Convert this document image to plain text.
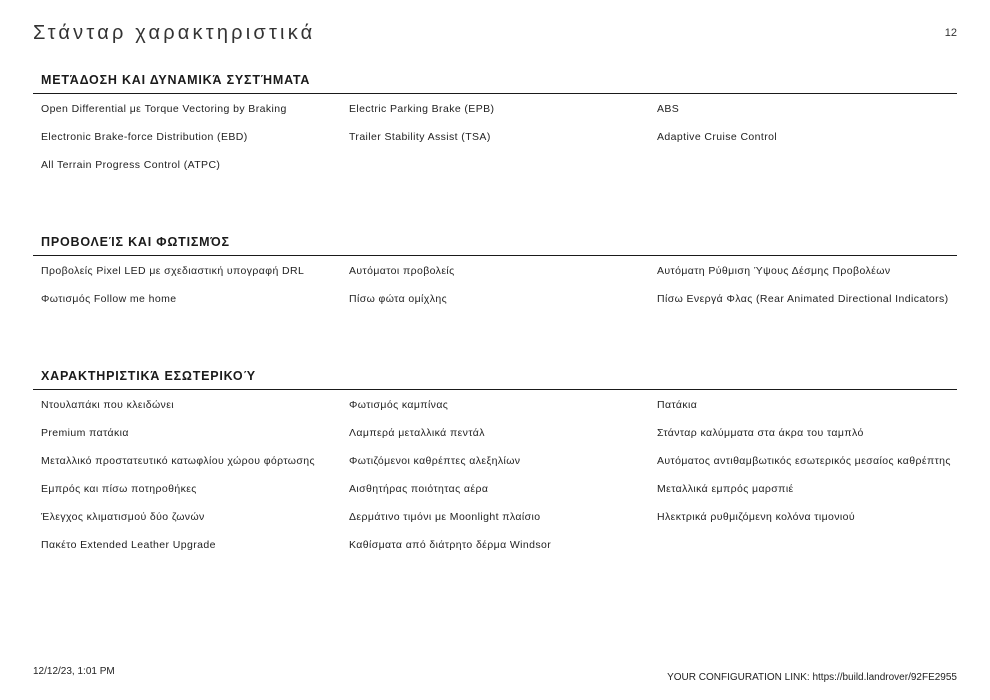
Στάνταρ χαρακτηριστικά	12
ΜΕΤΆΔΟΣΗ ΚΑΙ ΔΥΝΑΜΙΚΆ ΣΥΣΤΉΜΑΤΑ
Open Differential με Torque Vectoring by Braking	Electric Parking Brake (EPB)	ABS
Electronic Brake-force Distribution (EBD)	Trailer Stability Assist (TSA)	Adaptive Cruise Control
All Terrain Progress Control (ATPC)
ΠΡΟΒΟΛΕΊΣ ΚΑΙ ΦΩΤΙΣΜΌΣ
Προβολείς Pixel LED με σχεδιαστική υπογραφή DRL	Αυτόματοι προβολείς	Αυτόματη Ρύθμιση Ύψους Δέσμης Προβολέων
Φωτισμός Follow me home	Πίσω φώτα ομίχλης	Πίσω Ενεργά Φλας (Rear Animated Directional Indicators)
ΧΑΡΑΚΤΗΡΙΣΤΙΚΆ ΕΣΩΤΕΡΙΚΟΎ
Ντουλαπάκι που κλειδώνει	Φωτισμός καμπίνας	Πατάκια
Premium πατάκια	Λαμπερά μεταλλικά πεντάλ	Στάνταρ καλύμματα στα άκρα του ταμπλό
Μεταλλικό προστατευτικό κατωφλίου χώρου φόρτωσης	Φωτιζόμενοι καθρέπτες αλεξηλίων	Αυτόματος αντιθαμβωτικός εσωτερικός μεσαίος καθρέπτης
Εμπρός και πίσω ποτηροθήκες	Αισθητήρας ποιότητας αέρα	Μεταλλικά εμπρός μαρσπιέ
Έλεγχος κλιματισμού δύο ζωνών	Δερμάτινο τιμόνι με Moonlight πλαίσιο	Ηλεκτρικά ρυθμιζόμενη κολόνα τιμονιού
Πακέτο Extended Leather Upgrade	Καθίσματα από διάτρητο δέρμα Windsor
12/12/23, 1:01 PM
YOUR CONFIGURATION LINK: https://build.landrover/92FE2955
